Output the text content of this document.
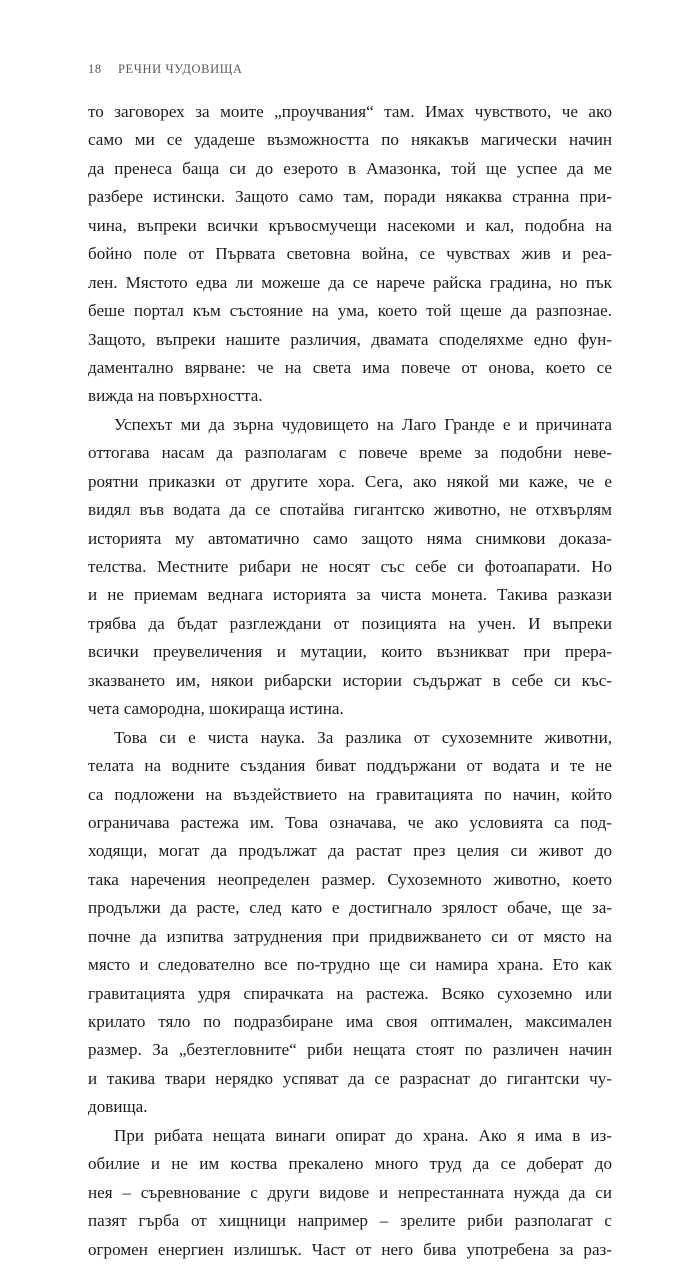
18 РЕЧНИ ЧУДОВИЩА
то заговорех за моите „проучвания“ там. Имах чувството, че ако
само ми се удадеше възможността по някакъв магически начин
да пренеса баща си до езерото в Амазонка, той ще успее да ме
разбере истински. Защото само там, поради някаква странна при-
чина, въпреки всички кръвосмучещи насекоми и кал, подобна на
бойно поле от Първата световна война, се чувствах жив и реа-
лен. Мястото едва ли можеше да се нарече райска градина, но пък
беше портал към състояние на ума, което той щеше да разпознае.
Защото, въпреки нашите различия, двамата споделяхме едно фун-
даментално вярване: че на света има повече от онова, което се
вижда на повърхността.
Успехът ми да зърна чудовището на Лаго Гранде е и причината
оттогава насам да разполагам с повече време за подобни неве-
роятни приказки от другите хора. Сега, ако някой ми каже, че е
видял във водата да се спотайва гигантско животно, не отхвърлям
историята му автоматично само защото няма снимкови доказа-
телства. Местните рибари не носят със себе си фотоапарати. Но
и не приемам веднага историята за чиста монета. Такива разкази
трябва да бъдат разглеждани от позицията на учен. И въпреки
всички преувеличения и мутации, които възникват при прера-
зказването им, някои рибарски истории съдържат в себе си къс-
чета самородна, шокираща истина.
Това си е чиста наука. За разлика от сухоземните животни,
телата на водните създания биват поддържани от водата и те не
са подложени на въздействието на гравитацията по начин, който
ограничава растежа им. Това означава, че ако условията са под-
ходящи, могат да продължат да растат през целия си живот до
така наречения неопределен размер. Сухоземното животно, което
продължи да расте, след като е достигнало зрялост обаче, ще за-
почне да изпитва затруднения при придвижването си от място на
място и следователно все по-трудно ще си намира храна. Ето как
гравитацията удря спирачката на растежа. Всяко сухоземно или
крилато тяло по подразбиране има своя оптимален, максимален
размер. За „безтегловните“ риби нещата стоят по различен начин
и такива твари нерядко успяват да се разраснат до гигантски чу-
довища.
При рибата нещата винаги опират до храна. Ако я има в из-
обилие и не им коства прекалено много труд да се доберат до
нея – съревнование с други видове и непрестанната нужда да си
пазят гърба от хищници например – зрелите риби разполагат с
огромен енергиен излишък. Част от него бива употребена за раз-
